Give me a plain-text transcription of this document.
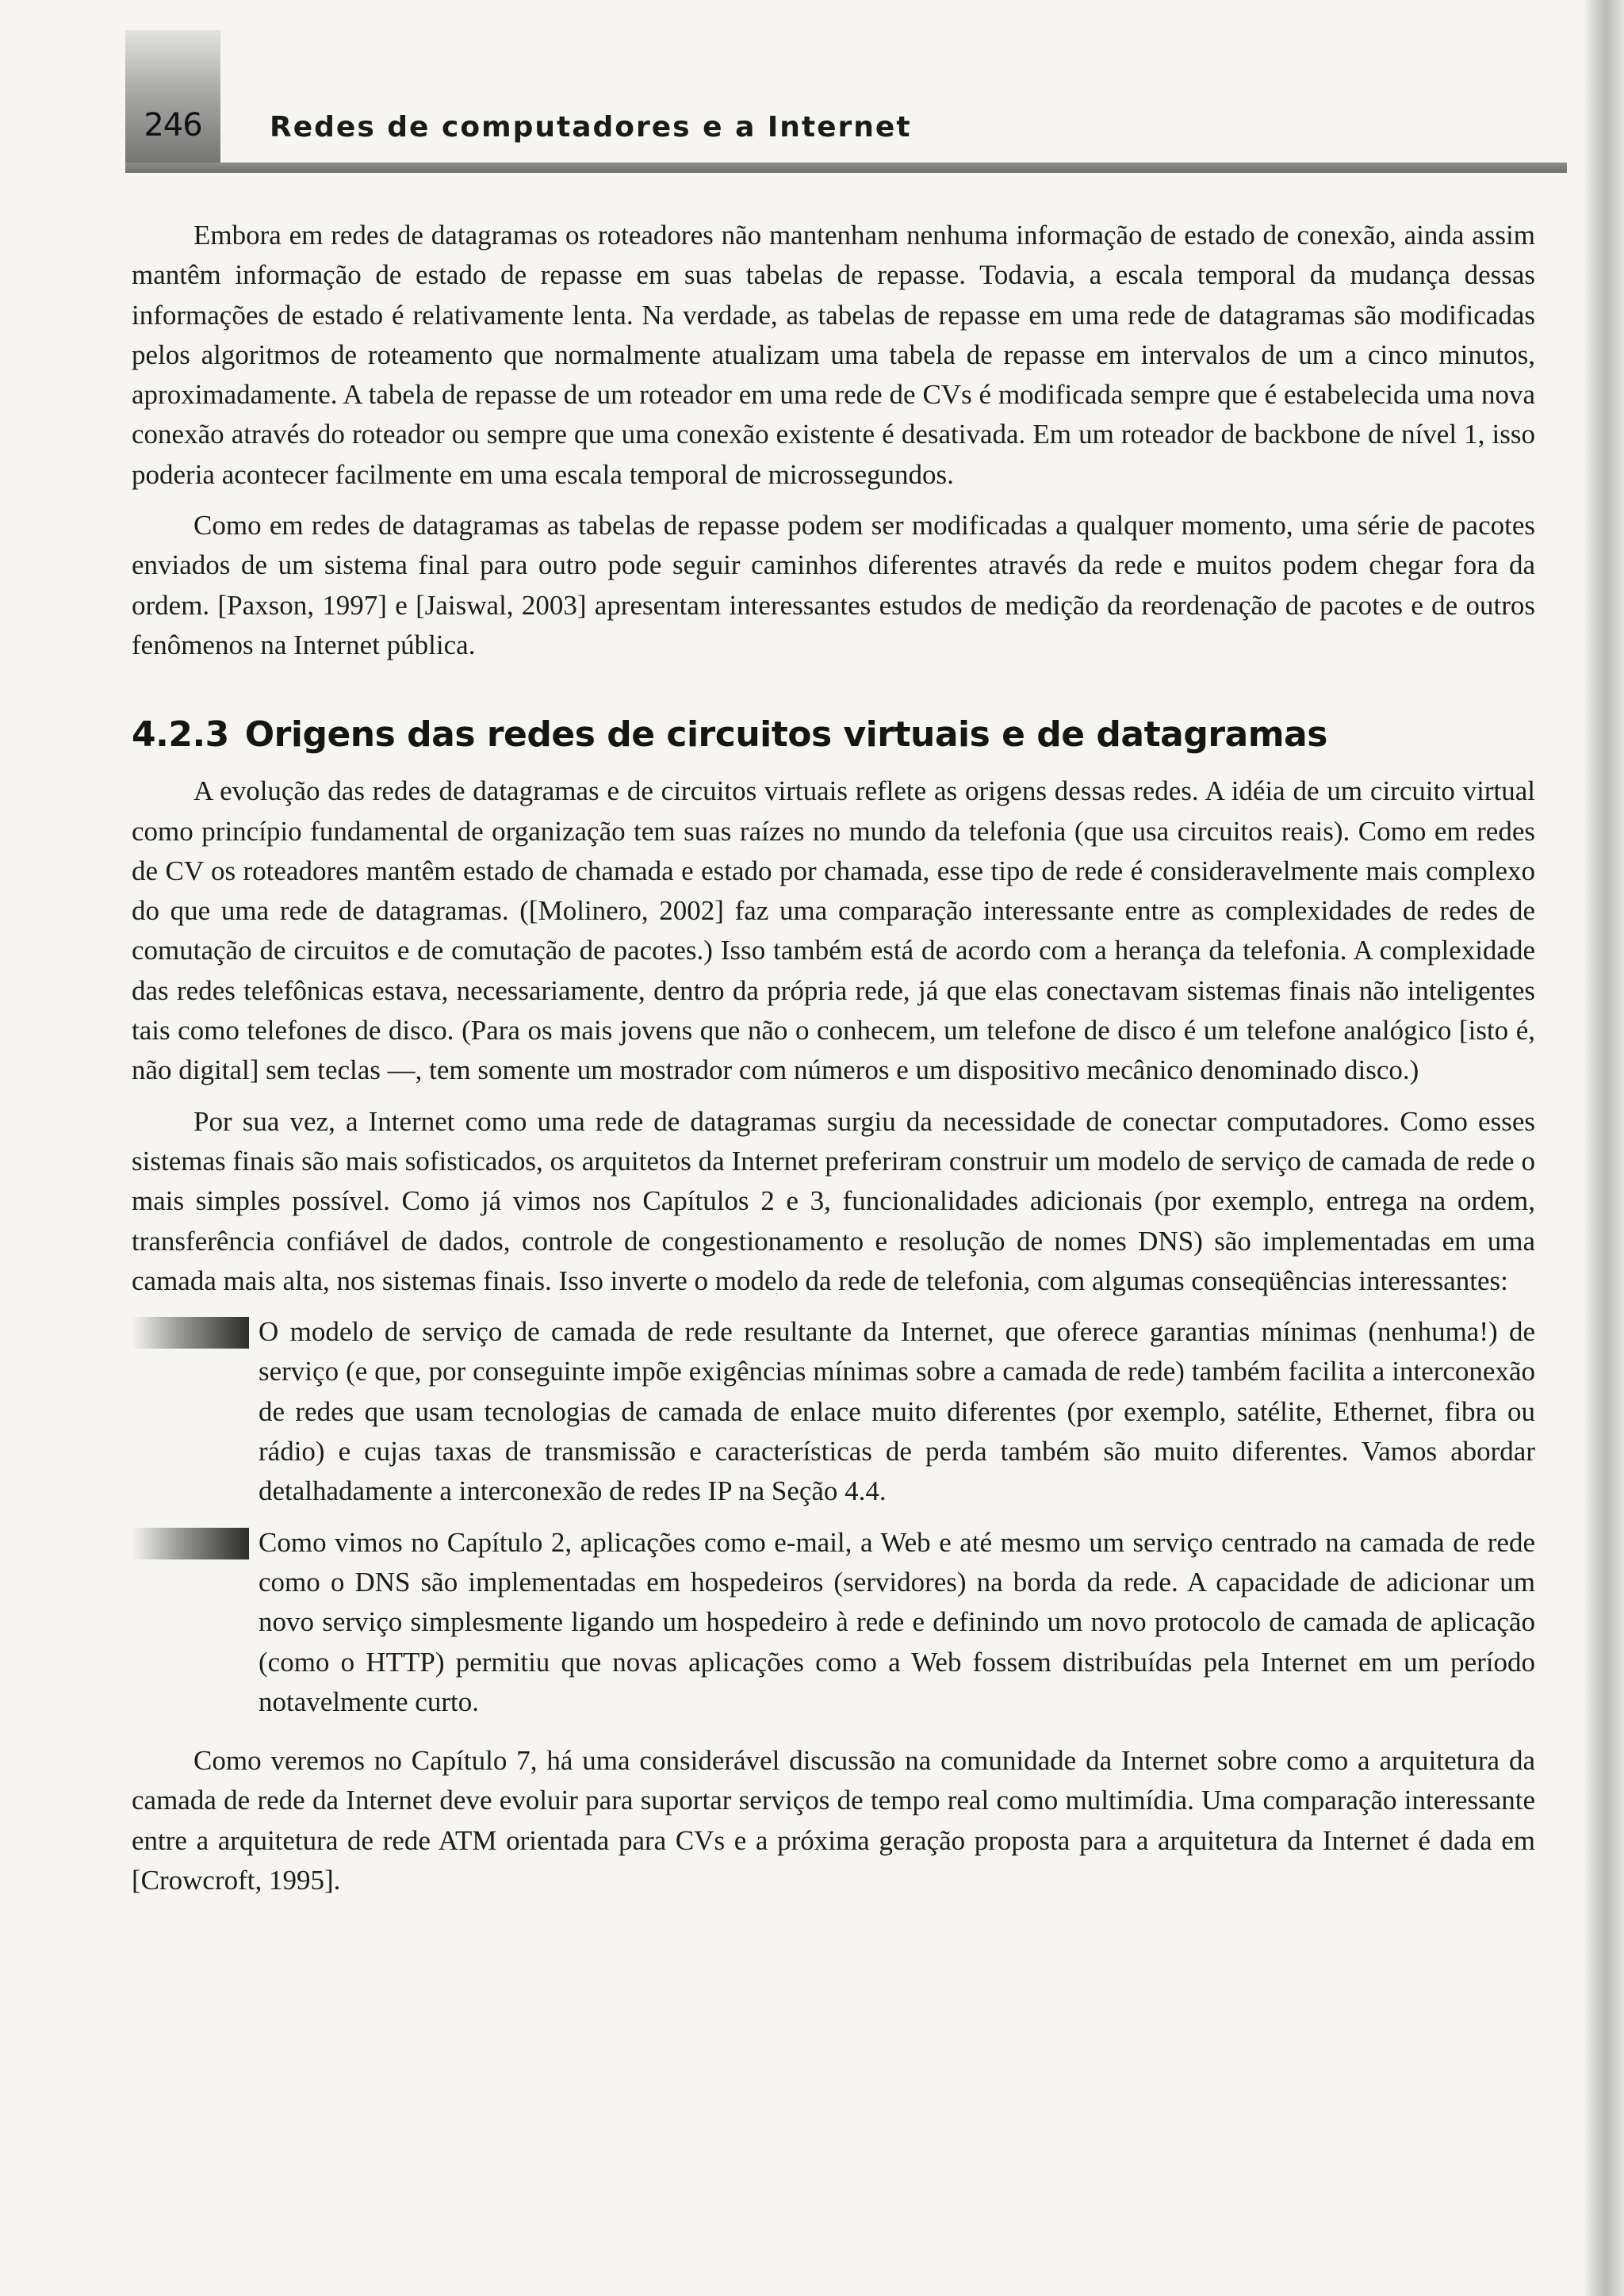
246	Redes de computadores e a Internet

Embora em redes de datagramas os roteadores não mantenham nenhuma informação de estado de conexão, ainda assim mantêm informação de estado de repasse em suas tabelas de repasse. Todavia, a escala temporal da mudança dessas informações de estado é relativamente lenta. Na verdade, as tabelas de repasse em uma rede de datagramas são modificadas pelos algoritmos de roteamento que normalmente atualizam uma tabela de repasse em intervalos de um a cinco minutos, aproximadamente. A tabela de repasse de um roteador em uma rede de CVs é modificada sempre que é estabelecida uma nova conexão através do roteador ou sempre que uma conexão existente é desativada. Em um roteador de backbone de nível 1, isso poderia acontecer facilmente em uma escala temporal de microssegundos.

Como em redes de datagramas as tabelas de repasse podem ser modificadas a qualquer momento, uma série de pacotes enviados de um sistema final para outro pode seguir caminhos diferentes através da rede e muitos podem chegar fora da ordem. [Paxson, 1997] e [Jaiswal, 2003] apresentam interessantes estudos de medição da reordenação de pacotes e de outros fenômenos na Internet pública.

4.2.3 Origens das redes de circuitos virtuais e de datagramas

A evolução das redes de datagramas e de circuitos virtuais reflete as origens dessas redes. A idéia de um circuito virtual como princípio fundamental de organização tem suas raízes no mundo da telefonia (que usa circuitos reais). Como em redes de CV os roteadores mantêm estado de chamada e estado por chamada, esse tipo de rede é consideravelmente mais complexo do que uma rede de datagramas. ([Molinero, 2002] faz uma comparação interessante entre as complexidades de redes de comutação de circuitos e de comutação de pacotes.) Isso também está de acordo com a herança da telefonia. A complexidade das redes telefônicas estava, necessariamente, dentro da própria rede, já que elas conectavam sistemas finais não inteligentes tais como telefones de disco. (Para os mais jovens que não o conhecem, um telefone de disco é um telefone analógico [isto é, não digital] sem teclas —, tem somente um mostrador com números e um dispositivo mecânico denominado disco.)

Por sua vez, a Internet como uma rede de datagramas surgiu da necessidade de conectar computadores. Como esses sistemas finais são mais sofisticados, os arquitetos da Internet preferiram construir um modelo de serviço de camada de rede o mais simples possível. Como já vimos nos Capítulos 2 e 3, funcionalidades adicionais (por exemplo, entrega na ordem, transferência confiável de dados, controle de congestionamento e resolução de nomes DNS) são implementadas em uma camada mais alta, nos sistemas finais. Isso inverte o modelo da rede de telefonia, com algumas conseqüências interessantes:

O modelo de serviço de camada de rede resultante da Internet, que oferece garantias mínimas (nenhuma!) de serviço (e que, por conseguinte impõe exigências mínimas sobre a camada de rede) também facilita a interconexão de redes que usam tecnologias de camada de enlace muito diferentes (por exemplo, satélite, Ethernet, fibra ou rádio) e cujas taxas de transmissão e características de perda também são muito diferentes. Vamos abordar detalhadamente a interconexão de redes IP na Seção 4.4.
Como vimos no Capítulo 2, aplicações como e-mail, a Web e até mesmo um serviço centrado na camada de rede como o DNS são implementadas em hospedeiros (servidores) na borda da rede. A capacidade de adicionar um novo serviço simplesmente ligando um hospedeiro à rede e definindo um novo protocolo de camada de aplicação (como o HTTP) permitiu que novas aplicações como a Web fossem distribuídas pela Internet em um período notavelmente curto.

Como veremos no Capítulo 7, há uma considerável discussão na comunidade da Internet sobre como a arquitetura da camada de rede da Internet deve evoluir para suportar serviços de tempo real como multimídia. Uma comparação interessante entre a arquitetura de rede ATM orientada para CVs e a próxima geração proposta para a arquitetura da Internet é dada em [Crowcroft, 1995].
